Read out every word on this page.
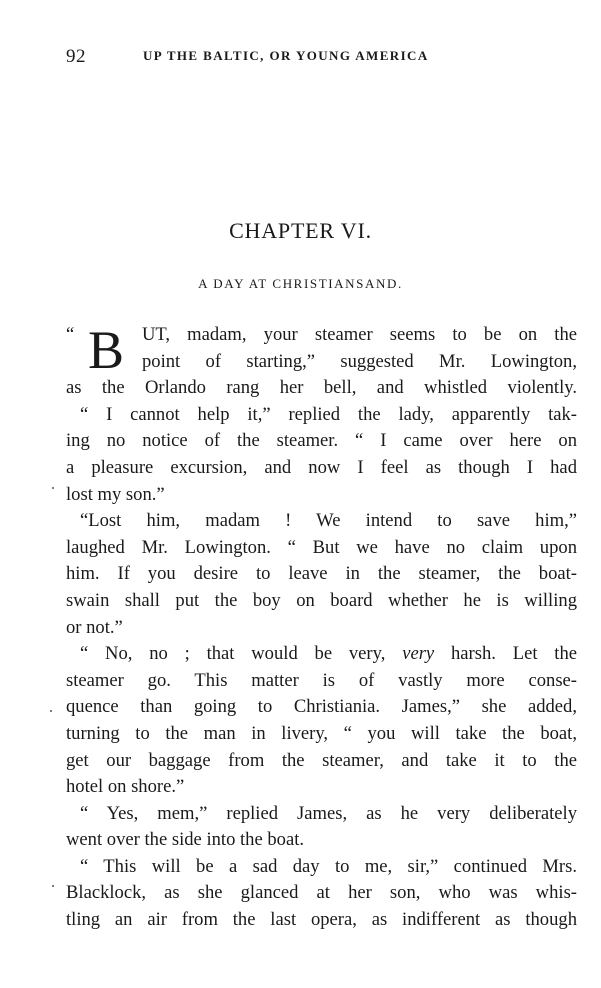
92	UP THE BALTIC, OR YOUNG AMERICA
CHAPTER VI.
A DAY AT CHRISTIANSAND.
“ B UT, madam, your steamer seems to be on the
point of starting,” suggested Mr. Lowington,
as the Orlando rang her bell, and whistled violently.
“ I cannot help it,” replied the lady, apparently tak-
ing no notice of the steamer. “ I came over here on
a pleasure excursion, and now I feel as though I had
lost my son.”
“Lost him, madam ! We intend to save him,”
laughed Mr. Lowington. “ But we have no claim upon
him. If you desire to leave in the steamer, the boat-
swain shall put the boy on board whether he is willing
or not.”
“ No, no ; that would be very, very harsh. Let the
steamer go. This matter is of vastly more conse-
quence than going to Christiania. James,” she added,
turning to the man in livery, “ you will take the boat,
get our baggage from the steamer, and take it to the
hotel on shore.”
“ Yes, mem,” replied James, as he very deliberately
went over the side into the boat.
“ This will be a sad day to me, sir,” continued Mrs.
Blacklock, as she glanced at her son, who was whis-
tling an air from the last opera, as indifferent as though
